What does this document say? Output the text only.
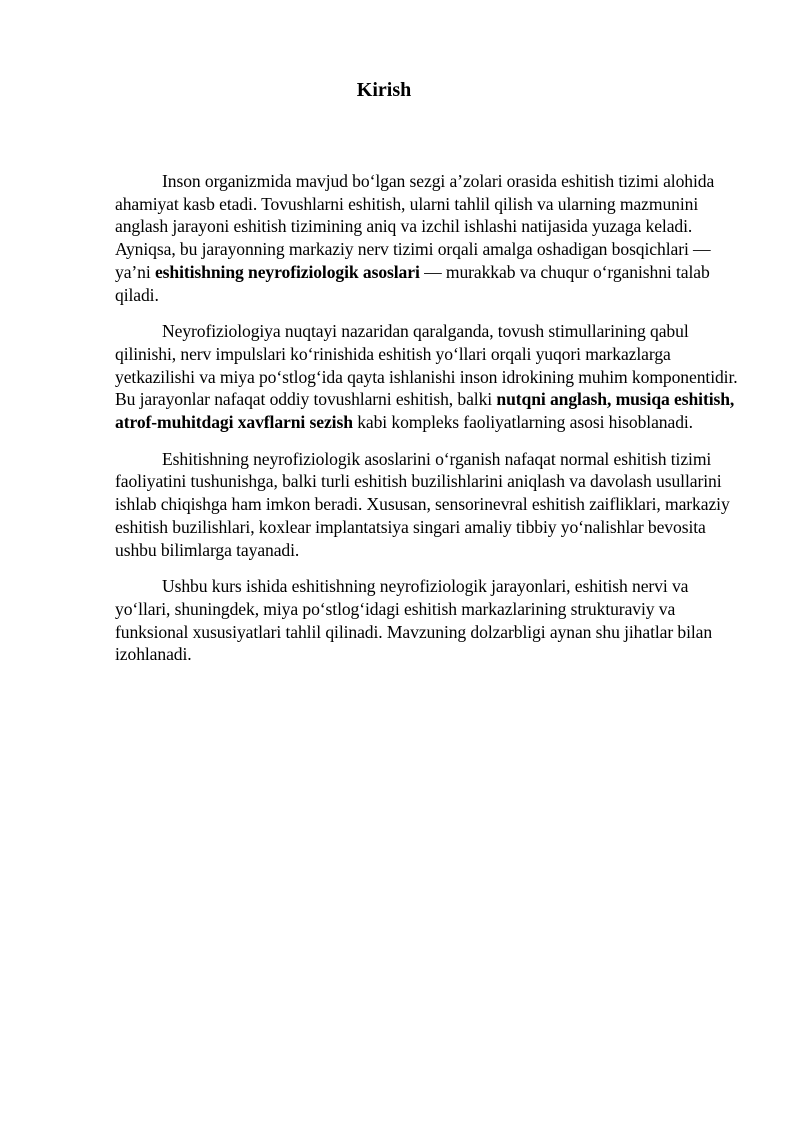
Kirish

Inson organizmida mavjud bo‘lgan sezgi a’zolari orasida eshitish tizimi alohida ahamiyat kasb etadi. Tovushlarni eshitish, ularni tahlil qilish va ularning mazmunini anglash jarayoni eshitish tizimining aniq va izchil ishlashi natijasida yuzaga keladi. Ayniqsa, bu jarayonning markaziy nerv tizimi orqali amalga oshadigan bosqichlari — ya’ni eshitishning neyrofiziologik asoslari — murakkab va chuqur o‘rganishni talab qiladi.

Neyrofiziologiya nuqtayi nazaridan qaralganda, tovush stimullarining qabul qilinishi, nerv impulslari ko‘rinishida eshitish yo‘llari orqali yuqori markazlarga yetkazilishi va miya po‘stlog‘ida qayta ishlanishi inson idrokining muhim komponentidir. Bu jarayonlar nafaqat oddiy tovushlarni eshitish, balki nutqni anglash, musiqa eshitish, atrof-muhitdagi xavflarni sezish kabi kompleks faoliyatlarning asosi hisoblanadi.

Eshitishning neyrofiziologik asoslarini o‘rganish nafaqat normal eshitish tizimi faoliyatini tushunishga, balki turli eshitish buzilishlarini aniqlash va davolash usullarini ishlab chiqishga ham imkon beradi. Xususan, sensorinevral eshitish zaifliklari, markaziy eshitish buzilishlari, koxlear implantatsiya singari amaliy tibbiy yo‘nalishlar bevosita ushbu bilimlarga tayanadi.

Ushbu kurs ishida eshitishning neyrofiziologik jarayonlari, eshitish nervi va yo‘llari, shuningdek, miya po‘stlog‘idagi eshitish markazlarining strukturaviy va funksional xususiyatlari tahlil qilinadi. Mavzuning dolzarbligi aynan shu jihatlar bilan izohlanadi.
